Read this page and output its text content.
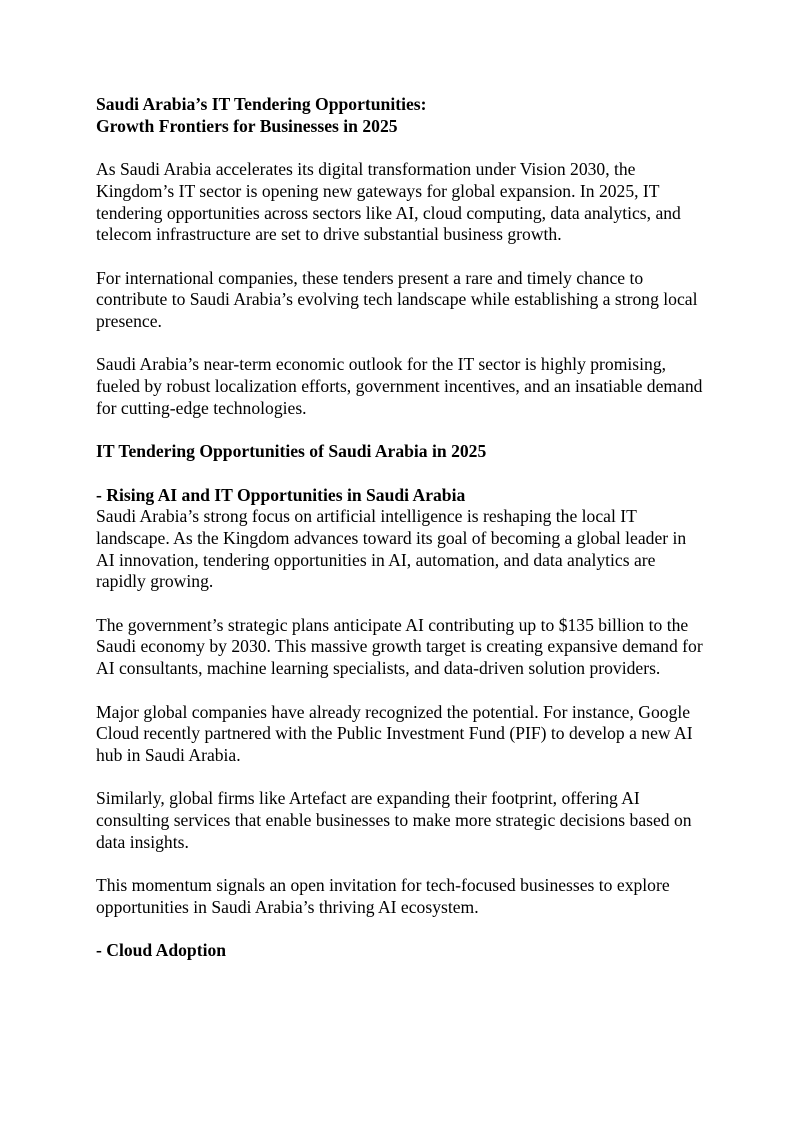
Saudi Arabia’s IT Tendering Opportunities:
Growth Frontiers for Businesses in 2025

As Saudi Arabia accelerates its digital transformation under Vision 2030, the Kingdom’s IT sector is opening new gateways for global expansion. In 2025, IT tendering opportunities across sectors like AI, cloud computing, data analytics, and telecom infrastructure are set to drive substantial business growth.

For international companies, these tenders present a rare and timely chance to contribute to Saudi Arabia’s evolving tech landscape while establishing a strong local presence.

Saudi Arabia’s near-term economic outlook for the IT sector is highly promising, fueled by robust localization efforts, government incentives, and an insatiable demand for cutting-edge technologies.

IT Tendering Opportunities of Saudi Arabia in 2025

- Rising AI and IT Opportunities in Saudi Arabia

Saudi Arabia’s strong focus on artificial intelligence is reshaping the local IT landscape. As the Kingdom advances toward its goal of becoming a global leader in AI innovation, tendering opportunities in AI, automation, and data analytics are rapidly growing.

The government’s strategic plans anticipate AI contributing up to $135 billion to the Saudi economy by 2030. This massive growth target is creating expansive demand for AI consultants, machine learning specialists, and data-driven solution providers.

Major global companies have already recognized the potential. For instance, Google Cloud recently partnered with the Public Investment Fund (PIF) to develop a new AI hub in Saudi Arabia.

Similarly, global firms like Artefact are expanding their footprint, offering AI consulting services that enable businesses to make more strategic decisions based on data insights.

This momentum signals an open invitation for tech-focused businesses to explore opportunities in Saudi Arabia’s thriving AI ecosystem.

- Cloud Adoption
